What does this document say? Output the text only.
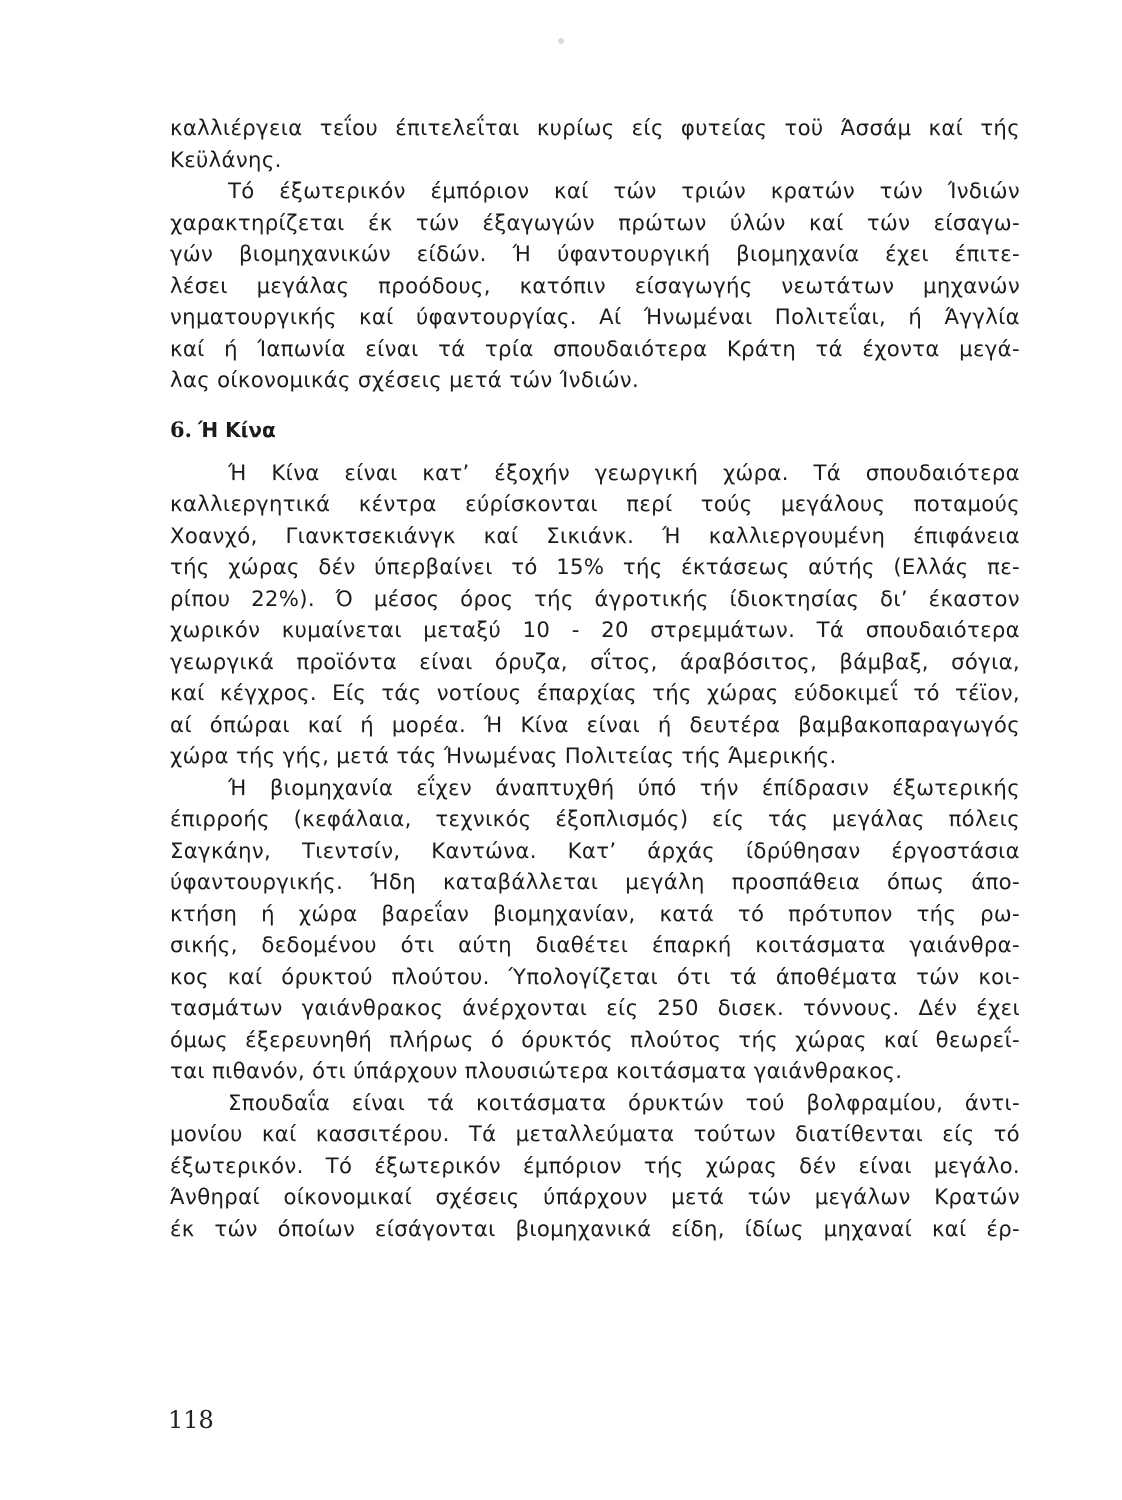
καλλιέργεια τεΐου έπιτελεΐται κυρίως είς φυτείας τοϋ Άσσάμ καί τής
Κεϋλάνης.
Τό έξωτερικόν έμπόριον καί τών τριών κρατών τών Ίνδιών
χαρακτηρίζεται έκ τών έξαγωγών πρώτων ύλών καί τών είσαγω-
γών βιομηχανικών είδών. Ή ύφαντουργική βιομηχανία έχει έπιτε-
λέσει μεγάλας προόδους, κατόπιν είσαγωγής νεωτάτων μηχανών
νηματουργικής καί ύφαντουργίας. Αί Ήνωμέναι Πολιτεΐαι, ή Άγγλία
καί ή Ίαπωνία είναι τά τρία σπουδαιότερα Κράτη τά έχοντα μεγά-
λας οίκονομικάς σχέσεις μετά τών Ίνδιών.
6. Ή Κίνα
Ή Κίνα είναι κατ’ έξοχήν γεωργική χώρα. Τά σπουδαιότερα
καλλιεργητικά κέντρα εύρίσκονται περί τούς μεγάλους ποταμούς
Χοανχό, Γιανκτσεκιάνγκ καί Σικιάνκ. Ή καλλιεργουμένη έπιφάνεια
τής χώρας δέν ύπερβαίνει τό 15% τής έκτάσεως αύτής (Ελλάς πε-
ρίπου 22%). Ό μέσος όρος τής άγροτικής ίδιοκτησίας δι’ έκαστον
χωρικόν κυμαίνεται μεταξύ 10 - 20 στρεμμάτων. Τά σπουδαιότερα
γεωργικά προϊόντα είναι όρυζα, σΐτος, άραβόσιτος, βάμβαξ, σόγια,
καί κέγχρος. Είς τάς νοτίους έπαρχίας τής χώρας εύδοκιμεΐ τό τέϊον,
αί όπώραι καί ή μορέα. Ή Κίνα είναι ή δευτέρα βαμβακοπαραγωγός
χώρα τής γής, μετά τάς Ήνωμένας Πολιτείας τής Άμερικής.
Ή βιομηχανία εΐχεν άναπτυχθή ύπό τήν έπίδρασιν έξωτερικής
έπιρροής (κεφάλαια, τεχνικός έξοπλισμός) είς τάς μεγάλας πόλεις
Σαγκάην, Τιεντσίν, Καντώνα. Κατ’ άρχάς ίδρύθησαν έργοστάσια
ύφαντουργικής. Ήδη καταβάλλεται μεγάλη προσπάθεια όπως άπο-
κτήση ή χώρα βαρεΐαν βιομηχανίαν, κατά τό πρότυπον τής ρω-
σικής, δεδομένου ότι αύτη διαθέτει έπαρκή κοιτάσματα γαιάνθρα-
κος καί όρυκτού πλούτου. Ύπολογίζεται ότι τά άποθέματα τών κοι-
τασμάτων γαιάνθρακος άνέρχονται είς 250 δισεκ. τόννους. Δέν έχει
όμως έξερευνηθή πλήρως ό όρυκτός πλούτος τής χώρας καί θεωρεΐ-
ται πιθανόν, ότι ύπάρχουν πλουσιώτερα κοιτάσματα γαιάνθρακος.
Σπουδαΐα είναι τά κοιτάσματα όρυκτών τού βολφραμίου, άντι-
μονίου καί κασσιτέρου. Τά μεταλλεύματα τούτων διατίθενται είς τό
έξωτερικόν. Τό έξωτερικόν έμπόριον τής χώρας δέν είναι μεγάλο.
Άνθηραί οίκονομικαί σχέσεις ύπάρχουν μετά τών μεγάλων Κρατών
έκ τών όποίων είσάγονται βιομηχανικά είδη, ίδίως μηχαναί καί έρ-
118
